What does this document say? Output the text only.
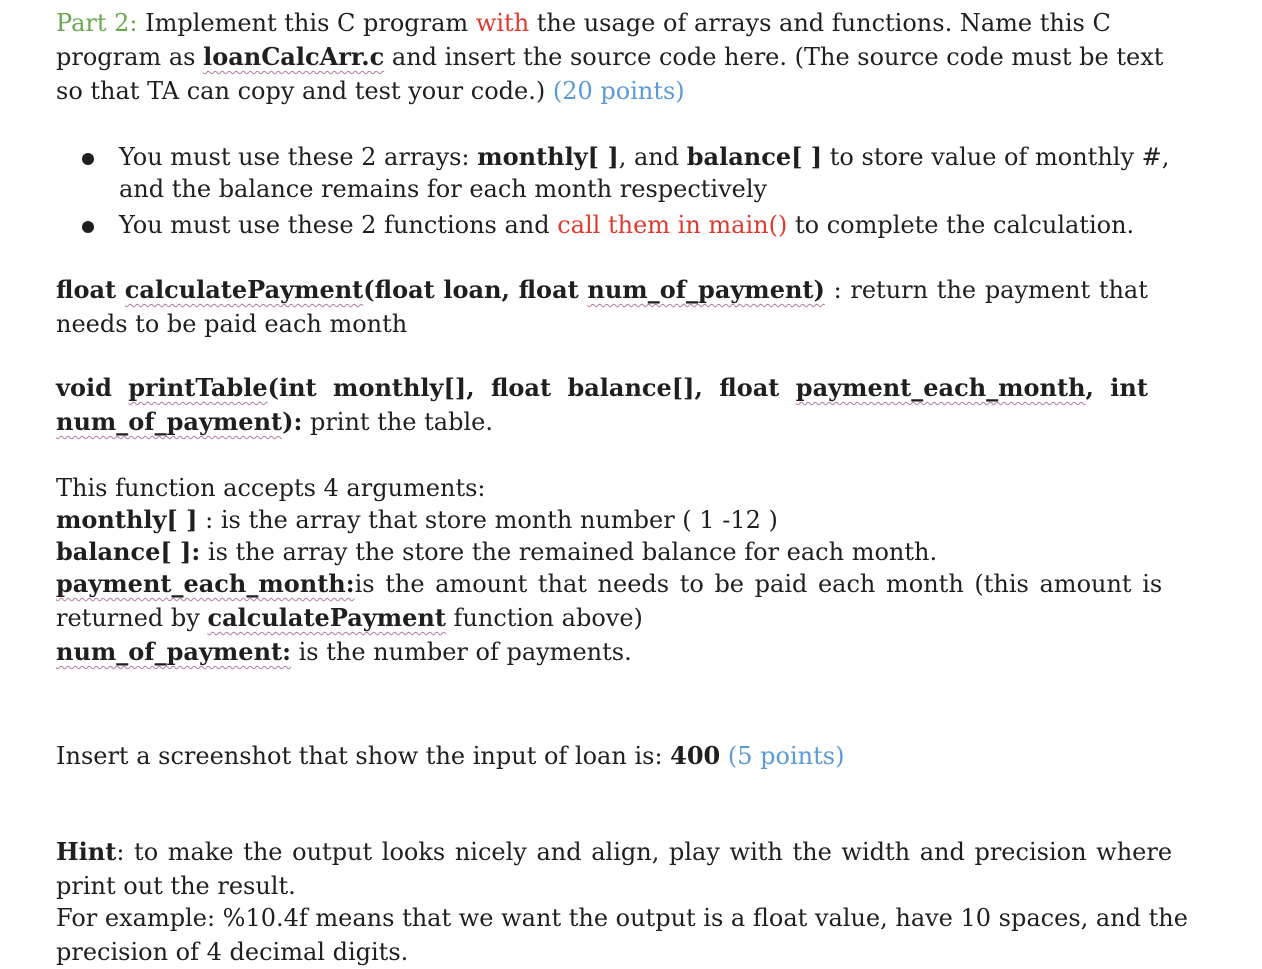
Part 2: Implement this C program with the usage of arrays and functions. Name this C
program as loanCalcArr.c and insert the source code here. (The source code must be text
so that TA can copy and test your code.) (20 points)
You must use these 2 arrays: monthly[ ], and balance[ ] to store value of monthly #,
and the balance remains for each month respectively
You must use these 2 functions and call them in main() to complete the calculation.
float calculatePayment(float loan, float num_of_payment) : return the payment that
needs to be paid each month
void printTable(int monthly[], float balance[], float payment_each_month, int
num_of_payment): print the table.
This function accepts 4 arguments:
monthly[ ] : is the array that store month number ( 1 -12 )
balance[ ]: is the array the store the remained balance for each month.
payment_each_month: is the amount that needs to be paid each month (this amount is
returned by calculatePayment function above)
num_of_payment: is the number of payments.
Insert a screenshot that show the input of loan is: 400 (5 points)
Hint: to make the output looks nicely and align, play with the width and precision where
print out the result.
For example: %10.4f means that we want the output is a float value, have 10 spaces, and the
precision of 4 decimal digits.
